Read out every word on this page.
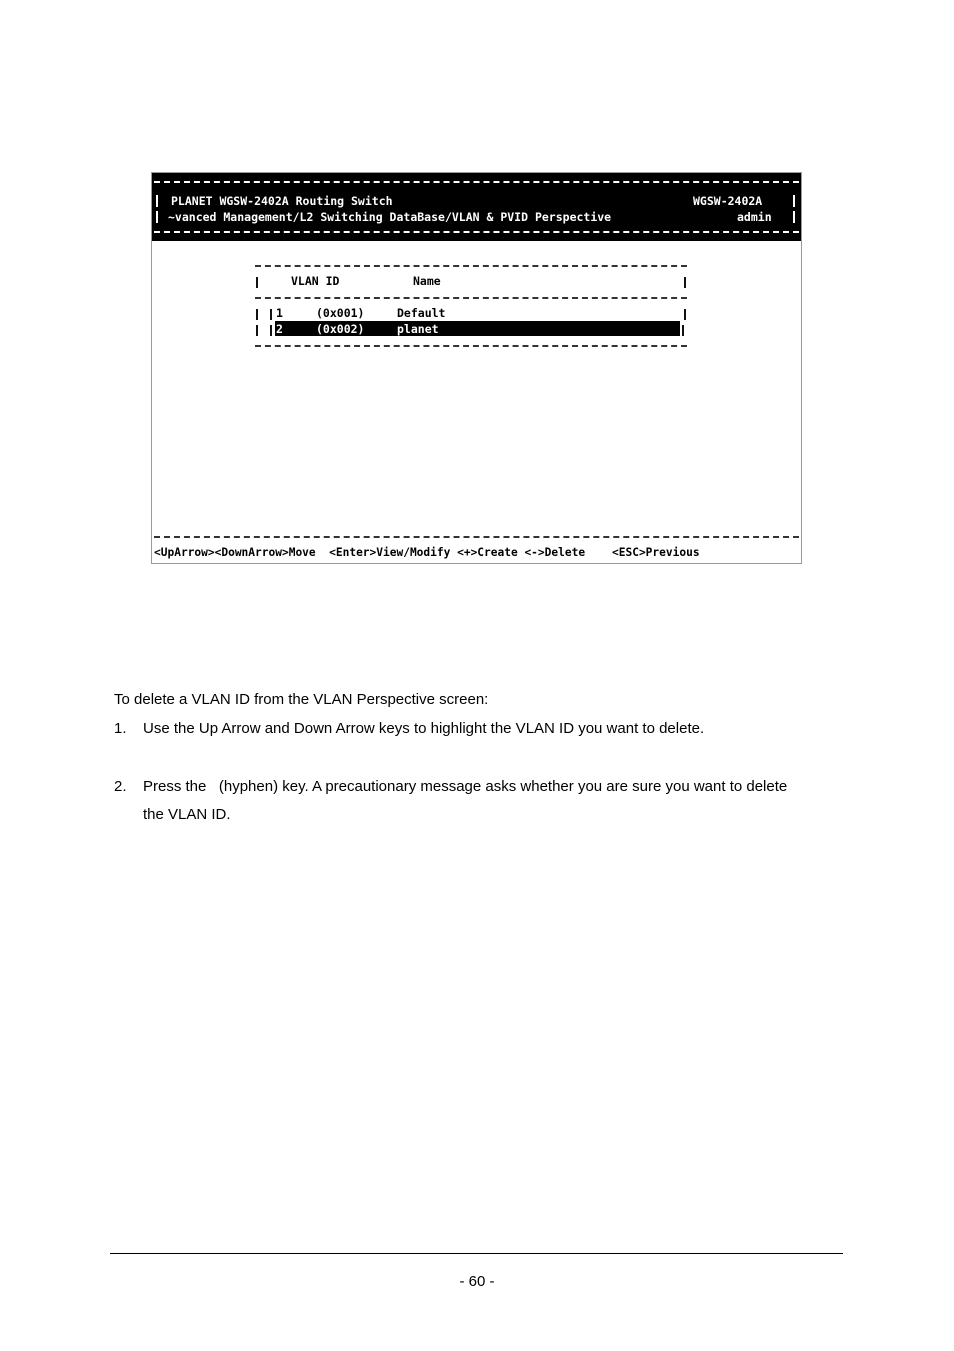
PLANET WGSW-2402A Routing Switch	WGSW-2402A
~vanced Management/L2 Switching DataBase/VLAN & PVID Perspective	admin
VLAN ID	Name
1	(0x001)	Default
2	(0x002)	planet
<UpArrow><DownArrow>Move  <Enter>View/Modify <+>Create <->Delete    <ESC>Previous
To delete a VLAN ID from the VLAN Perspective screen:
1. Use the Up Arrow and Down Arrow keys to highlight the VLAN ID you want to delete.
2. Press the   (hyphen) key. A precautionary message asks whether you are sure you want to delete
the VLAN ID.
- 60 -
